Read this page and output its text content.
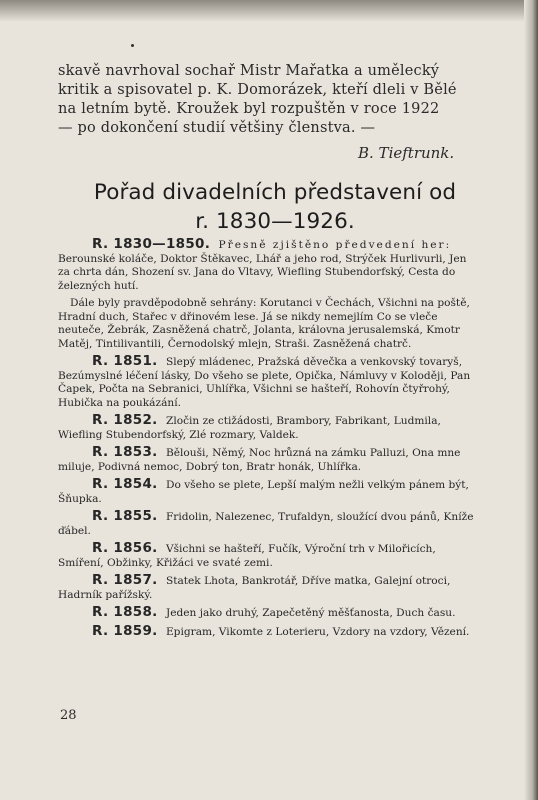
skavě navrhoval sochař Mistr Mařatka a umělecký

kritik a spisovatel p. K. Domorázek, kteří dleli v Bělé

na letním bytě. Kroužek byl rozpuštěn v roce 1922

— po dokončení studií většiny členstva. —

B. Tieftrunk.
Pořad divadelních představení od
r. 1830—1926.

R. 1830—1850. Přesně zjištěno předvedení her: Berounské koláče, Doktor Štěkavec, Lhář a jeho rod, Strýček Hurlivurli, Jen za chrta dán, Shození sv. Jana do Vltavy, Wiefling Stubendorfský, Cesta do železných hutí.

Dále byly pravděpodobně sehrány: Korutanci v Čechách, Všichni na poště, Hradní duch, Stařec v dřinovém lese. Já se nikdy nemejlím Co se vleče neuteče, Žebrák, Zasněžená chatrč, Jolanta, královna jerusalemská, Kmotr Matěj, Tintilivantili, Černodolský mlejn, Straši. Zasněžená chatrč.

R. 1851. Slepý mládenec, Pražská děvečka a venkovský tovaryš, Bezúmyslné léčení lásky, Do všeho se plete, Opička, Námluvy v Koloději, Pan Čapek, Počta na Sebranici, Uhlířka, Všichni se hašteří, Rohovín čtyřrohý, Hubička na poukázání.

R. 1852. Zločin ze ctižádosti, Brambory, Fabrikant, Ludmila, Wiefling Stubendorfský, Zlé rozmary, Valdek.

R. 1853. Bělouši, Němý, Noc hrůzná na zámku Palluzi, Ona mne miluje, Podivná nemoc, Dobrý ton, Bratr honák, Uhlířka.

R. 1854. Do všeho se plete, Lepší malým nežli velkým pánem být, Šňupka.

R. 1855. Fridolin, Nalezenec, Trufaldyn, sloužící dvou pánů, Kníže ďábel.

R. 1856. Všichni se hašteří, Fučík, Výroční trh v Milořicích, Smíření, Obžinky, Křižáci ve svaté zemi.

R. 1857. Statek Lhota, Bankrotář, Dříve matka, Galejní otroci, Hadrník pařížský.

R. 1858. Jeden jako druhý, Zapečetěný měšťanosta, Duch času.

R. 1859. Epigram, Vikomte z Loterieru, Vzdory na vzdory, Vězení.

28
